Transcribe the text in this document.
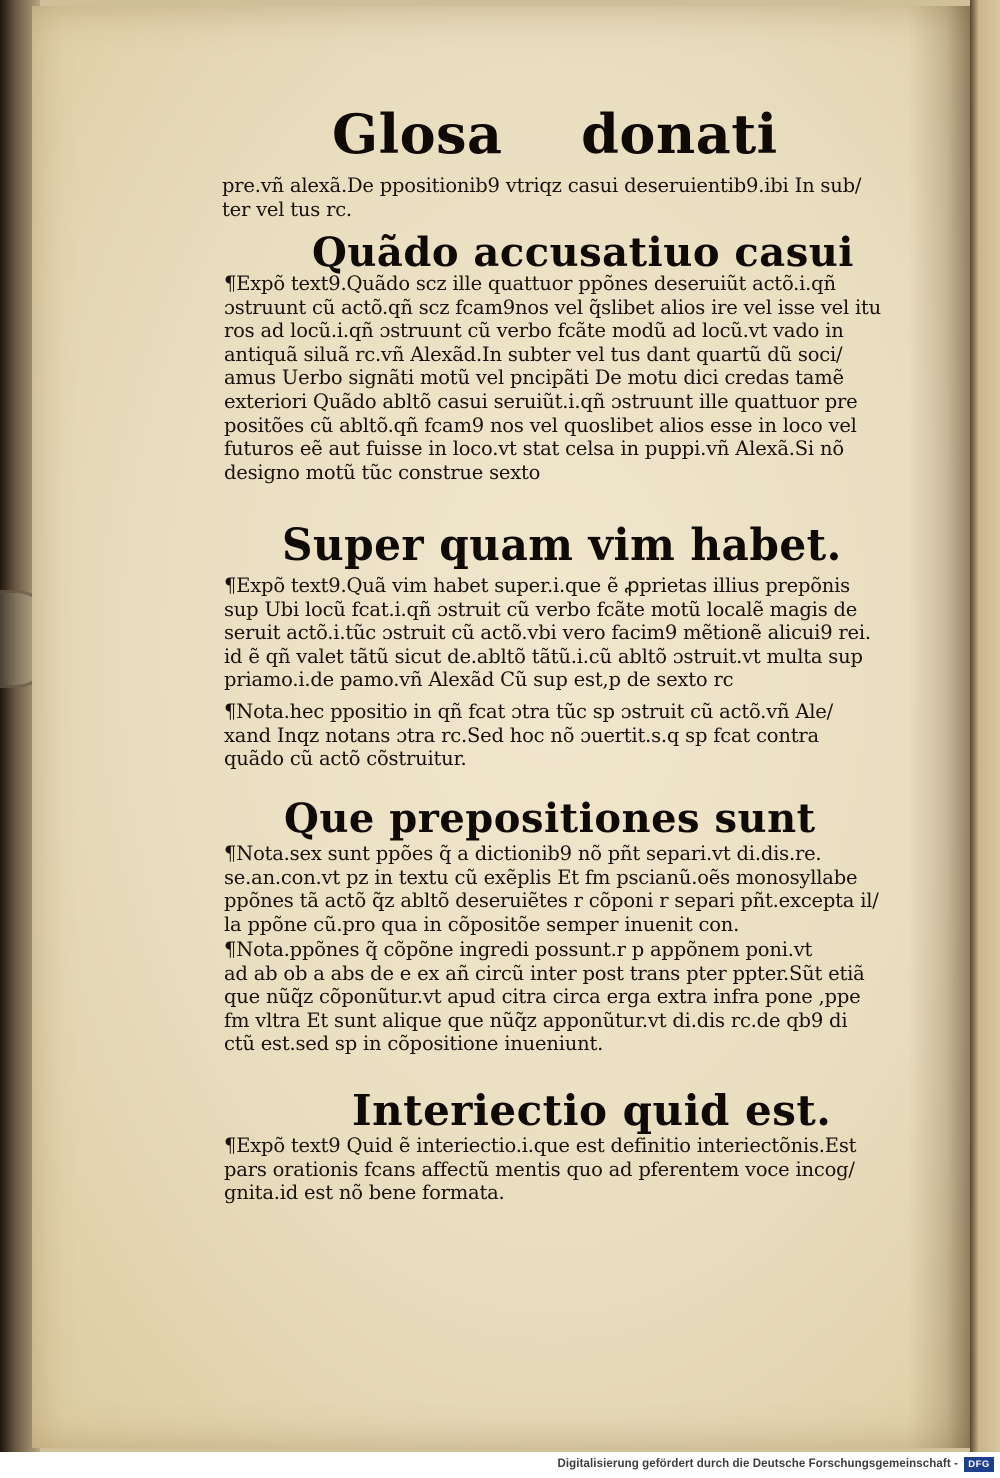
Glosa donati
pre.vñ alexã.De ppositionib9 vtriqz casui deseruientib9.ibi In sub/
ter vel tus rc.
Quãdo accusatiuo casui
¶Expõ text9.Quãdo scz ille quattuor ppõnes deseruiũt actõ.i.qñ
ɔstruunt cũ actõ.qñ scz fcam9nos vel q̃slibet alios ire vel isse vel itu
ros ad locũ.i.qñ ɔstruunt cũ verbo fcãte modũ ad locũ.vt vado in
antiquã siluã rc.vñ Alexãd.In subter vel tus dant quartũ dũ soci/
amus Uerbo signãti motũ vel pncipãti De motu dici credas tamẽ
exteriori Quãdo abltõ casui seruiũt.i.qñ ɔstruunt ille quattuor pre
positões cũ abltõ.qñ fcam9 nos vel quoslibet alios esse in loco vel
futuros eẽ aut fuisse in loco.vt stat celsa in puppi.vñ Alexã.Si nõ
designo motũ tũc construe sexto
Super quam vim habet.
¶Expõ text9.Quã vim habet super.i.que ẽ ꝓprietas illius prepõnis
sup Ubi locũ fcat.i.qñ ɔstruit cũ verbo fcãte motũ localẽ magis de
seruit actõ.i.tũc ɔstruit cũ actõ.vbi vero facim9 mẽtionẽ alicui9 rei.
id ẽ qñ valet tãtũ sicut de.abltõ tãtũ.i.cũ abltõ ɔstruit.vt multa sup
priamo.i.de pamo.vñ Alexãd Cũ sup est,p de sexto rc
¶Nota.hec ppositio in qñ fcat ɔtra tũc sp ɔstruit cũ actõ.vñ Ale/
xand Inqz notans ɔtra rc.Sed hoc nõ ɔuertit.s.q sp fcat contra
quãdo cũ actõ cõstruitur.
Que prepositiones sunt
¶Nota.sex sunt ppões q̃ a dictionib9 nõ pñt separi.vt di.dis.re.
se.an.con.vt pz in textu cũ exẽplis Et fm pscianũ.oẽs monosyllabe
ppõnes tã actõ q̃z abltõ deseruiẽtes r cõponi r separi pñt.excepta il/
la ppõne cũ.pro qua in cõpositõe semper inuenit con.
¶Nota.ppõnes q̃ cõpõne ingredi possunt.r p appõnem poni.vt
ad ab ob a abs de e ex añ circũ inter post trans pter ppter.Sũt etiã
que nũq̃z cõponũtur.vt apud citra circa erga extra infra pone ,ppe
fm vltra Et sunt alique que nũq̃z apponũtur.vt di.dis rc.de qb9 di
ctũ est.sed sp in cõpositione inueniunt.
Interiectio quid est.
¶Expõ text9 Quid ẽ interiectio.i.que est definitio interiectõnis.Est
pars orationis fcans affectũ mentis quo ad pferentem voce incog/
gnita.id est nõ bene formata.
Digitalisierung gefördert durch die Deutsche Forschungsgemeinschaft -	DFG
